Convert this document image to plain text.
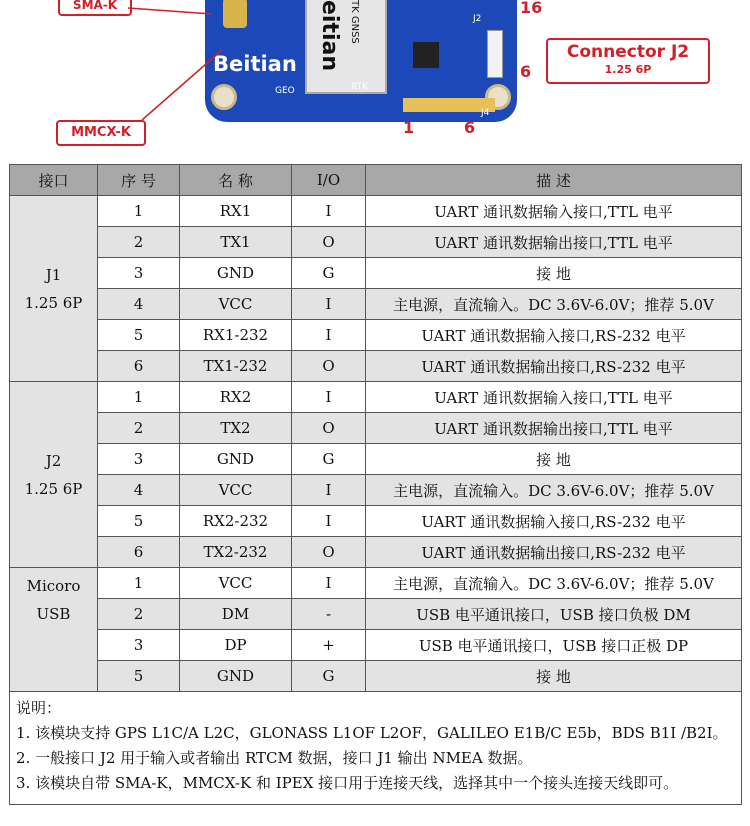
eitian TK GNSS
Beitian
RTK
GEO
J2
J4
SMA-K
MMCX-K
Connector J2
1.25 6P
16
6
1	6
接口	序 号	名 称	I/O	描 述
J1
1.25 6P	1	RX1	I	UART 通讯数据输入接口,TTL 电平
	2	TX1	O	UART 通讯数据输出接口,TTL 电平
	3	GND	G	接 地
	4	VCC	I	主电源，直流输入。DC 3.6V-6.0V；推荐 5.0V
	5	RX1-232	I	UART 通讯数据输入接口,RS-232 电平
	6	TX1-232	O	UART 通讯数据输出接口,RS-232 电平
J2
1.25 6P	1	RX2	I	UART 通讯数据输入接口,TTL 电平
	2	TX2	O	UART 通讯数据输出接口,TTL 电平
	3	GND	G	接 地
	4	VCC	I	主电源，直流输入。DC 3.6V-6.0V；推荐 5.0V
	5	RX2-232	I	UART 通讯数据输入接口,RS-232 电平
	6	TX2-232	O	UART 通讯数据输出接口,RS-232 电平
Micoro
USB	1	VCC	I	主电源，直流输入。DC 3.6V-6.0V；推荐 5.0V
	2	DM	-	USB 电平通讯接口，USB 接口负极 DM
	3	DP	+	USB 电平通讯接口，USB 接口正极 DP
	5	GND	G	接 地

说明：
1. 该模块支持 GPS L1C/A L2C，GLONASS L1OF L2OF，GALILEO E1B/C E5b，BDS B1I /B2I。
2. 一般接口 J2 用于输入或者输出 RTCM 数据，接口 J1 输出 NMEA 数据。
3. 该模块自带 SMA-K，MMCX-K 和 IPEX 接口用于连接天线，选择其中一个接头连接天线即可。				
